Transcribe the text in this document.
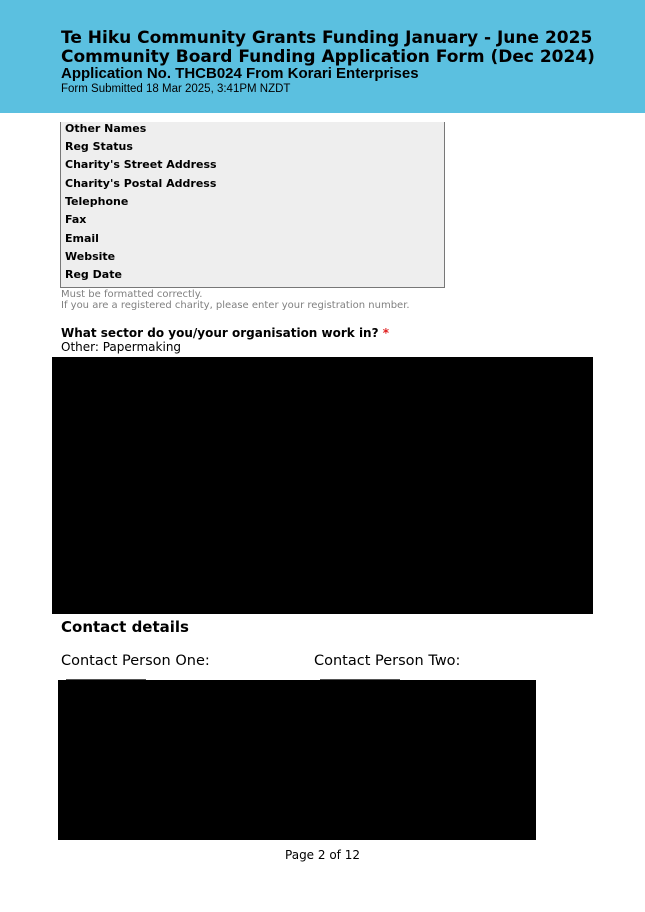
Te Hiku Community Grants Funding January - June 2025
Community Board Funding Application Form (Dec 2024)
Application No. THCB024 From Korari Enterprises
Form Submitted 18 Mar 2025, 3:41PM NZDT
Other Names
Reg Status
Charity's Street Address
Charity's Postal Address
Telephone
Fax
Email
Website
Reg Date
Must be formatted correctly.
If you are a registered charity, please enter your registration number.
What sector do you/your organisation work in? *
Other: Papermaking
Contact details
Contact Person One:	Contact Person Two:
Page 2 of 12
